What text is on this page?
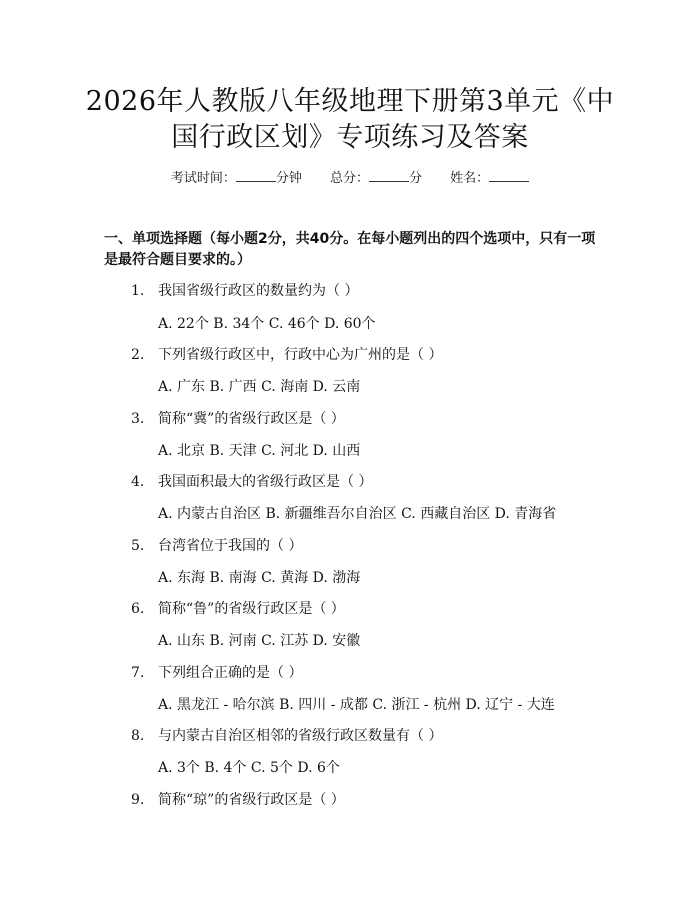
2026年人教版八年级地理下册第3单元《中
国行政区划》专项练习及答案
考试时间：	分钟 总分：	分 姓名：
一、单项选择题（每小题2分，共40分。在每小题列出的四个选项中，只有一项
是最符合题目要求的。）
1. 我国省级行政区的数量约为（ ）
A. 22个 B. 34个 C. 46个 D. 60个
2. 下列省级行政区中，行政中心为广州的是（ ）
A. 广东 B. 广西 C. 海南 D. 云南
3. 简称“冀”的省级行政区是（ ）
A. 北京 B. 天津 C. 河北 D. 山西
4. 我国面积最大的省级行政区是（ ）
A. 内蒙古自治区 B. 新疆维吾尔自治区 C. 西藏自治区 D. 青海省
5. 台湾省位于我国的（ ）
A. 东海 B. 南海 C. 黄海 D. 渤海
6. 简称“鲁”的省级行政区是（ ）
A. 山东 B. 河南 C. 江苏 D. 安徽
7. 下列组合正确的是（ ）
A. 黑龙江 - 哈尔滨 B. 四川 - 成都 C. 浙江 - 杭州 D. 辽宁 - 大连
8. 与内蒙古自治区相邻的省级行政区数量有（ ）
A. 3个 B. 4个 C. 5个 D. 6个
9. 简称“琼”的省级行政区是（ ）
